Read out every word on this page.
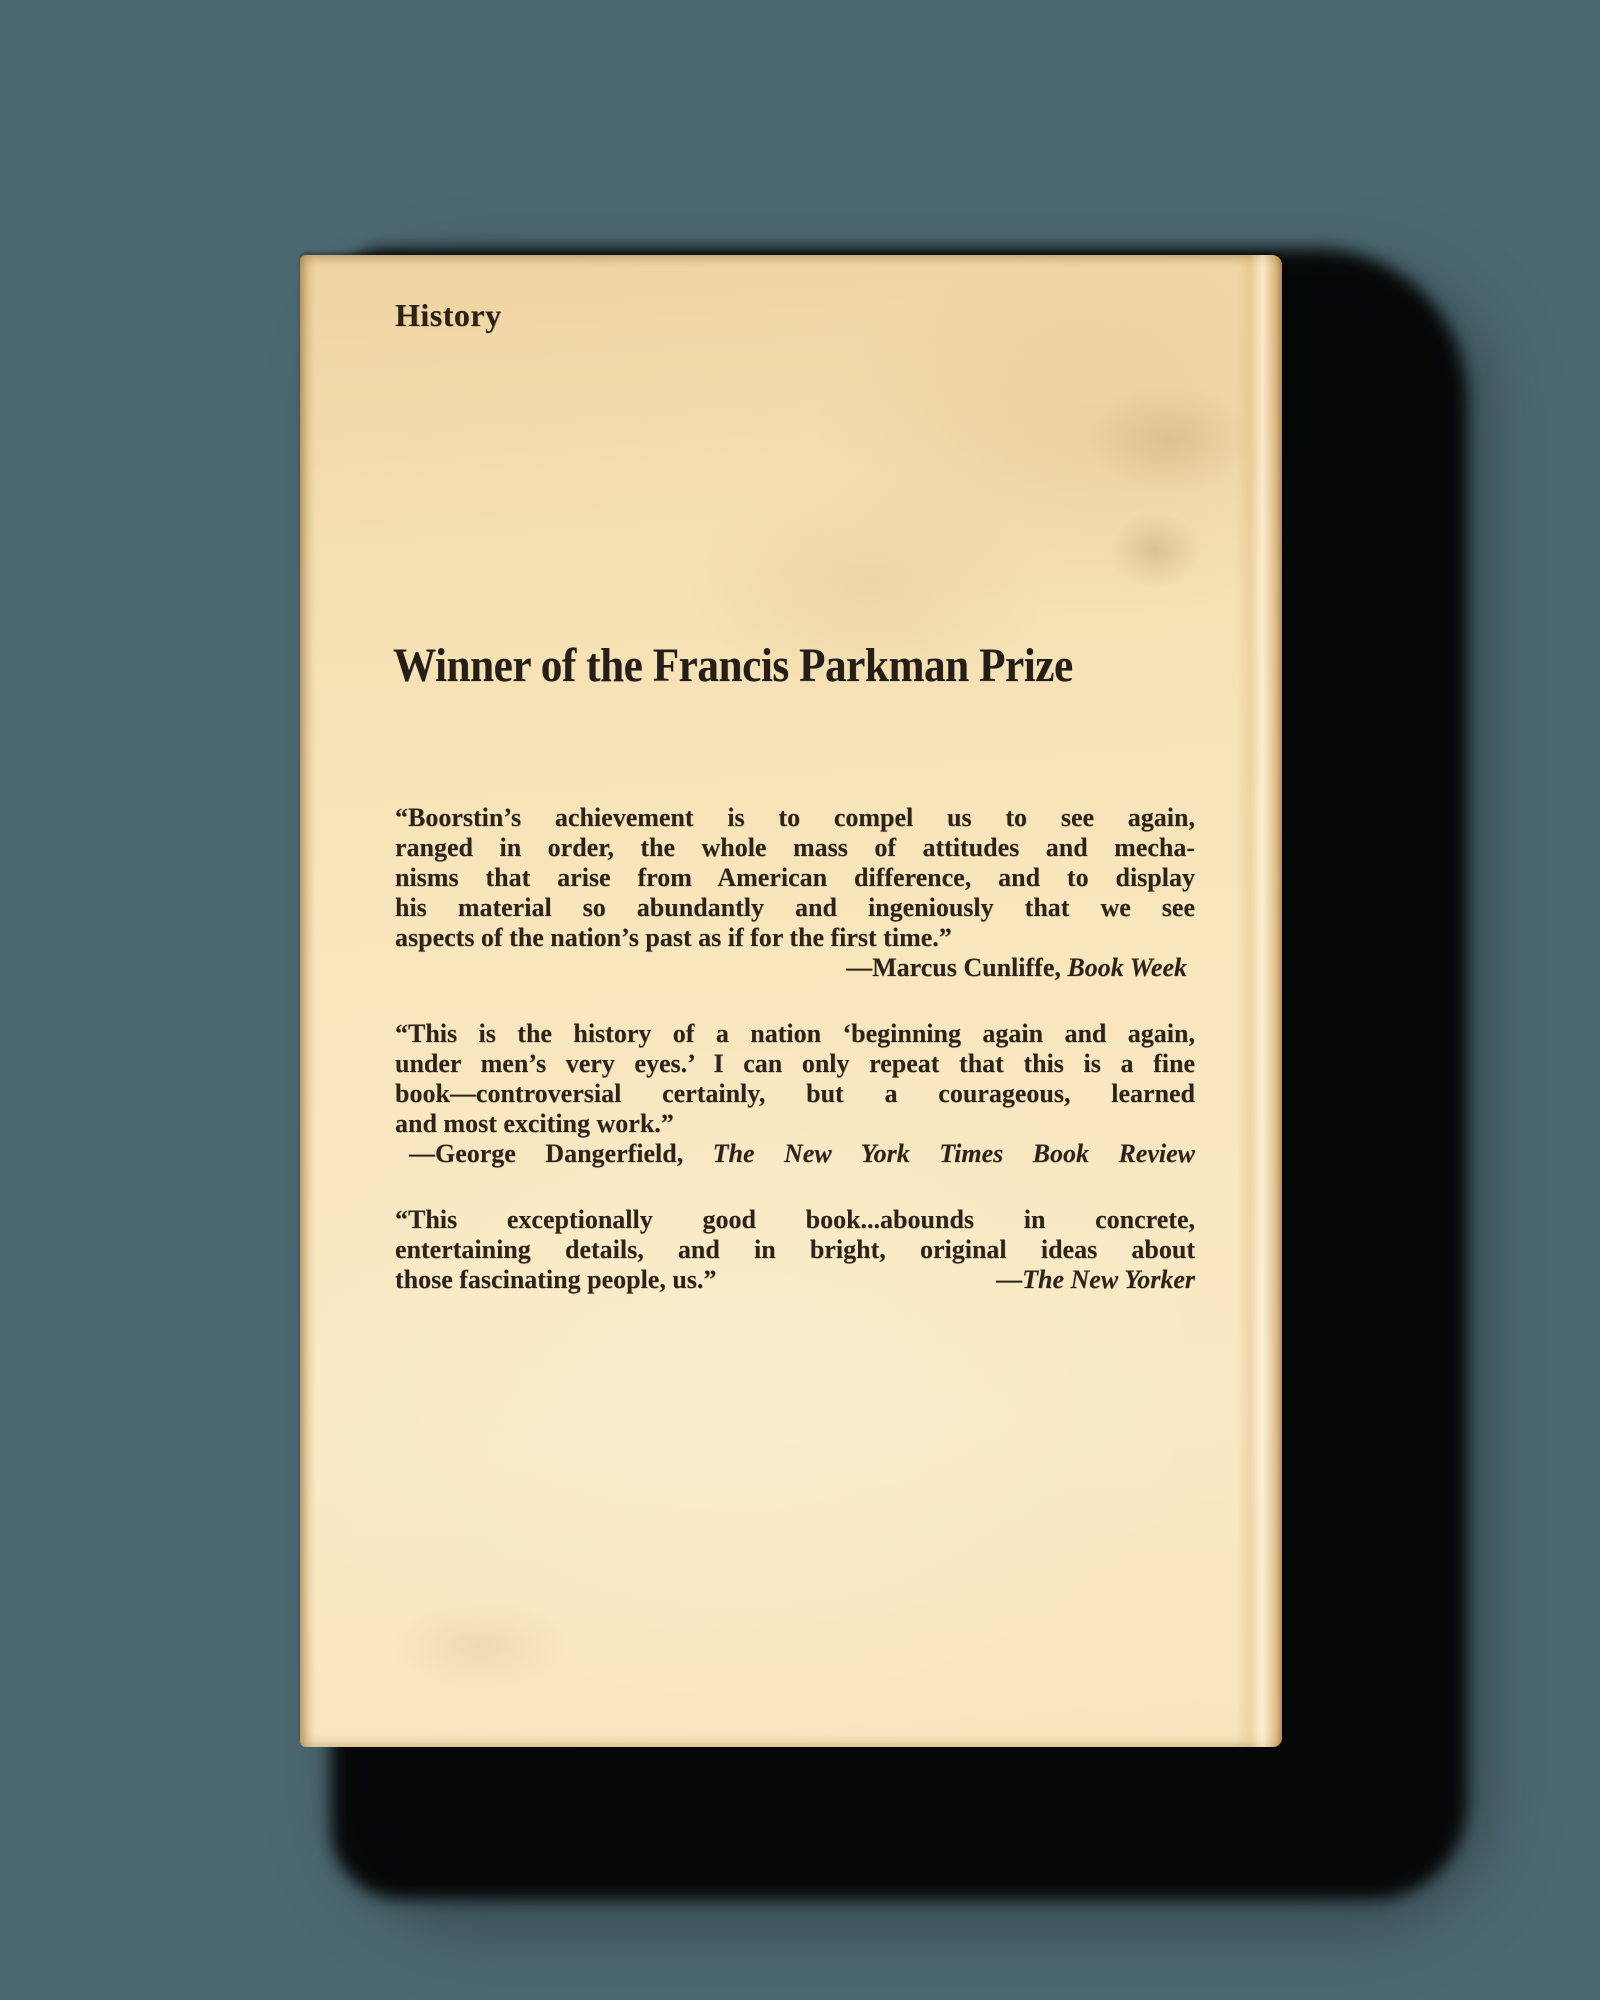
History
Winner of the Francis Parkman Prize
“Boorstin’s achievement is to compel us to see again,
ranged in order, the whole mass of attitudes and mecha-
nisms that arise from American difference, and to display
his material so abundantly and ingeniously that we see
aspects of the nation’s past as if for the first time.”
—Marcus Cunliffe, Book Week
“This is the history of a nation ‘beginning again and again,
under men’s very eyes.’ I can only repeat that this is a fine
book—controversial certainly, but a courageous, learned
and most exciting work.”
—George Dangerfield, The New York Times Book Review
“This exceptionally good book...abounds in concrete,
entertaining details, and in bright, original ideas about
those fascinating people, us.”	—The New Yorker
